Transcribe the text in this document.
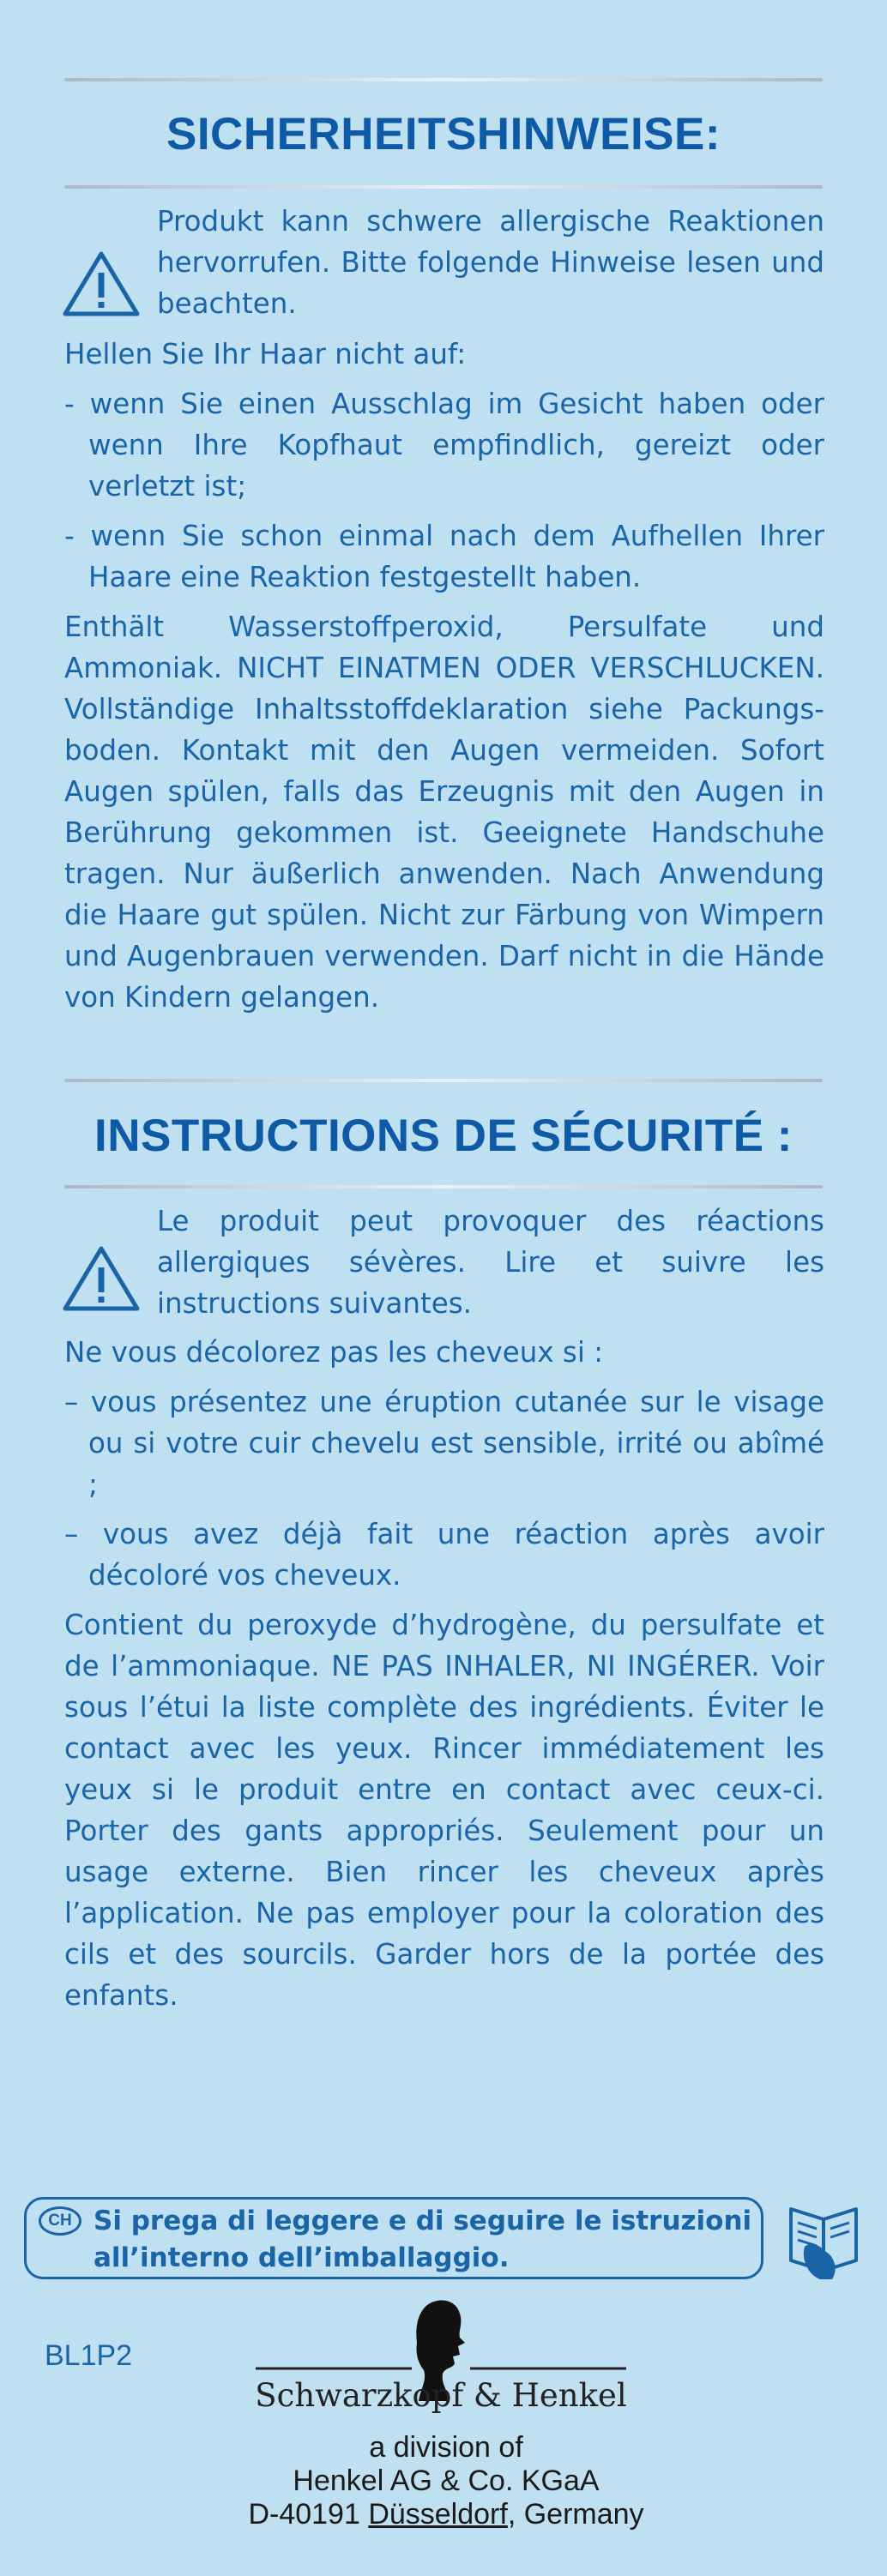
SICHERHEITSHINWEISE:
Produkt kann schwere allergische Reaktionen hervorrufen. Bitte folgende Hinweise lesen und beachten.

Hellen Sie Ihr Haar nicht auf:

- wenn Sie einen Ausschlag im Gesicht haben oder wenn Ihre Kopfhaut empfindlich, gereizt oder verletzt ist;

- wenn Sie schon einmal nach dem Aufhellen Ihrer Haare eine Reaktion festgestellt haben.

Enthält Wasserstoffperoxid, Persulfate und Ammoniak. NICHT EINATMEN ODER VERSCHLUCKEN. Vollständige Inhaltsstoffdeklaration siehe Packungs-boden. Kontakt mit den Augen vermeiden. Sofort Augen spülen, falls das Erzeugnis mit den Augen in Berührung gekommen ist. Geeignete Handschuhe tragen. Nur äußerlich anwenden. Nach Anwendung die Haare gut spülen. Nicht zur Färbung von Wimpern und Augenbrauen verwenden. Darf nicht in die Hände von Kindern gelangen.

INSTRUCTIONS DE SÉCURITÉ :
Le produit peut provoquer des réactions allergiques sévères. Lire et suivre les instructions suivantes.

Ne vous décolorez pas les cheveux si :

– vous présentez une éruption cutanée sur le visage ou si votre cuir chevelu est sensible, irrité ou abîmé ;

– vous avez déjà fait une réaction après avoir décoloré vos cheveux.

Contient du peroxyde d’hydrogène, du persulfate et de l’ammoniaque. NE PAS INHALER, NI INGÉRER. Voir sous l’étui la liste complète des ingrédients. Éviter le contact avec les yeux. Rincer immédiatement les yeux si le produit entre en contact avec ceux-ci. Porter des gants appropriés. Seulement pour un usage externe. Bien rincer les cheveux après l’application. Ne pas employer pour la coloration des cils et des sourcils. Garder hors de la portée des enfants.

CH Si prega di leggere e di seguire le istruzioni all’interno dell’imballaggio.
BL1P2
Schwarzkopf & Henkel
a division of
Henkel AG & Co. KGaA
D-40191 Düsseldorf, Germany
